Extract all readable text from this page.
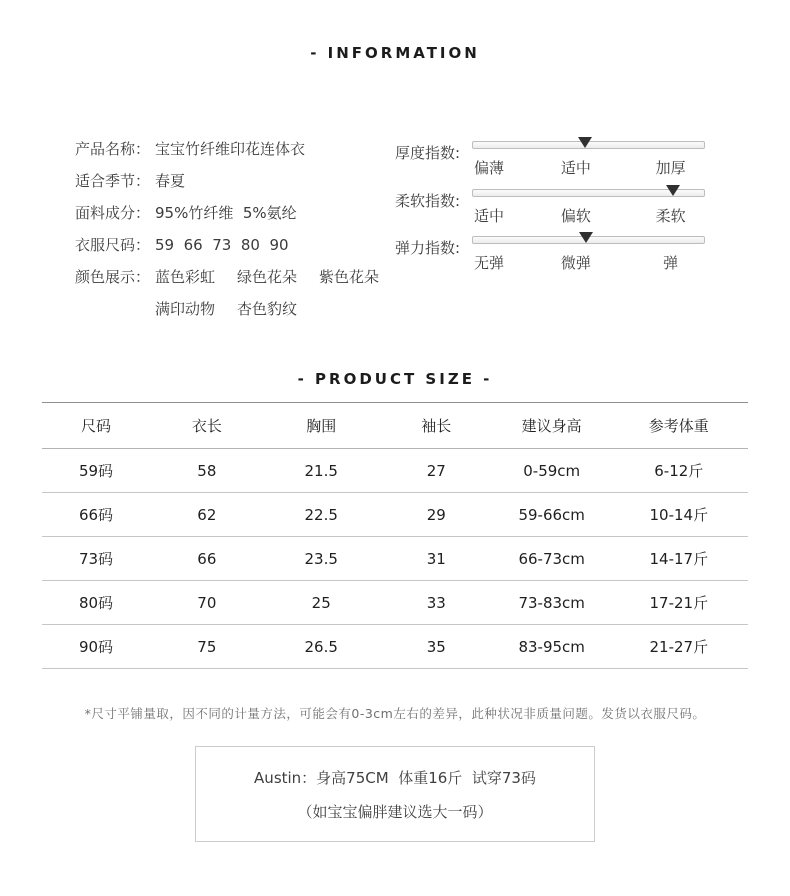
- INFORMATION
产品名称： 宝宝竹纤维印花连体衣
适合季节： 春夏
面料成分： 95%竹纤维  5%氨纶
衣服尺码： 59  66  73  80  90
颜色展示： 蓝色彩虹 绿色花朵 紫色花朵
满印动物 杏色豹纹
厚度指数:
偏薄	适中	加厚
柔软指数:
适中	偏软	柔软
弹力指数:
无弹	微弹	弹
- PRODUCT SIZE -
尺码	衣长	胸围	袖长	建议身高	参考体重
59码	58	21.5	27	0-59cm	6-12斤
66码	62	22.5	29	59-66cm	10-14斤
73码	66	23.5	31	66-73cm	14-17斤
80码	70	25	33	73-83cm	17-21斤
90码	75	26.5	35	83-95cm	21-27斤
*尺寸平铺量取，因不同的计量方法，可能会有0-3cm左右的差异，此种状况非质量问题。发货以衣服尺码。
Austin：身高75CM  体重16斤  试穿73码
（如宝宝偏胖建议选大一码）
